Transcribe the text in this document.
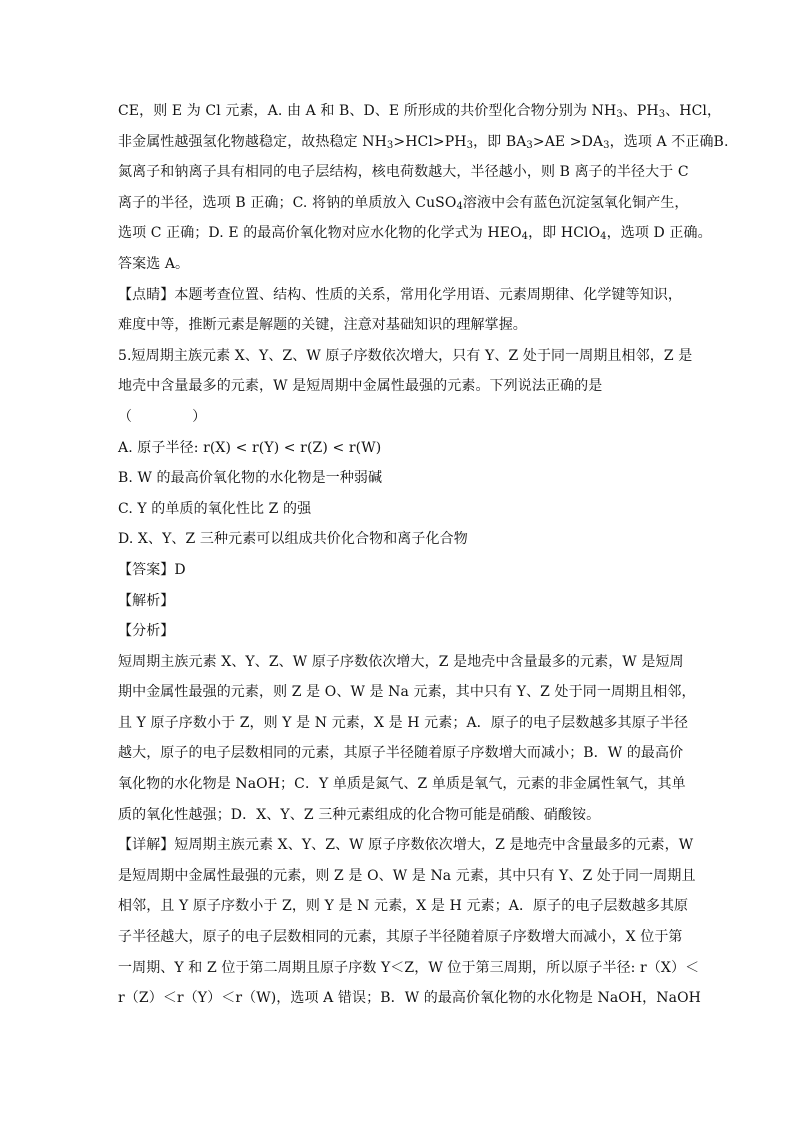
CE，则 E 为 Cl 元素，A. 由 A 和 B、D、E 所形成的共价型化合物分别为 $NH_3$、$PH_3$、HCl，
非金属性越强氢化物越稳定，故热稳定 $NH_3>HCl>PH_3$，即 $BA_3>AE >DA_3$，选项 A 不正确B.
氮离子和钠离子具有相同的电子层结构，核电荷数越大，半径越小，则 B 离子的半径大于 C
离子的半径，选项 B 正确；C. 将钠的单质放入 CuSO$_4$溶液中会有蓝色沉淀氢氧化铜产生，
选项 C 正确；D. E 的最高价氧化物对应水化物的化学式为 $HEO_4$，即 HClO$_4$，选项 D 正确。
答案选 A。
【点睛】本题考查位置、结构、性质的关系，常用化学用语、元素周期律、化学键等知识，
难度中等，推断元素是解题的关键，注意对基础知识的理解掌握。
5.短周期主族元素 X、Y、Z、W 原子序数依次增大，只有 Y、Z 处于同一周期且相邻，Z 是
地壳中含量最多的元素，W 是短周期中金属性最强的元素。下列说法正确的是
（	）
A. 原子半径: r(X) < r(Y) < r(Z) < r(W)
B. W 的最高价氧化物的水化物是一种弱碱
C. Y 的单质的氧化性比 Z 的强
D. X、Y、Z 三种元素可以组成共价化合物和离子化合物
【答案】D
【解析】
【分析】
短周期主族元素 X、Y、Z、W 原子序数依次增大，Z 是地壳中含量最多的元素，W 是短周
期中金属性最强的元素，则 Z 是 O、W 是 Na 元素，其中只有 Y、Z 处于同一周期且相邻，
且 Y 原子序数小于 Z，则 Y 是 N 元素，X 是 H 元素；A．原子的电子层数越多其原子半径
越大，原子的电子层数相同的元素，其原子半径随着原子序数增大而减小；B．W 的最高价
氧化物的水化物是 NaOH；C．Y 单质是氮气、Z 单质是氧气，元素的非金属性氧气，其单
质的氧化性越强；D．X、Y、Z 三种元素组成的化合物可能是硝酸、硝酸铵。
【详解】短周期主族元素 X、Y、Z、W 原子序数依次增大，Z 是地壳中含量最多的元素，W
是短周期中金属性最强的元素，则 Z 是 O、W 是 Na 元素，其中只有 Y、Z 处于同一周期且
相邻，且 Y 原子序数小于 Z，则 Y 是 N 元素，X 是 H 元素；A．原子的电子层数越多其原
子半径越大，原子的电子层数相同的元素，其原子半径随着原子序数增大而减小，X 位于第
一周期、Y 和 Z 位于第二周期且原子序数 Y＜Z，W 位于第三周期，所以原子半径: r（X）＜
r（Z）＜r（Y）＜r（W)，选项 A 错误；B．W 的最高价氧化物的水化物是 NaOH，NaOH
